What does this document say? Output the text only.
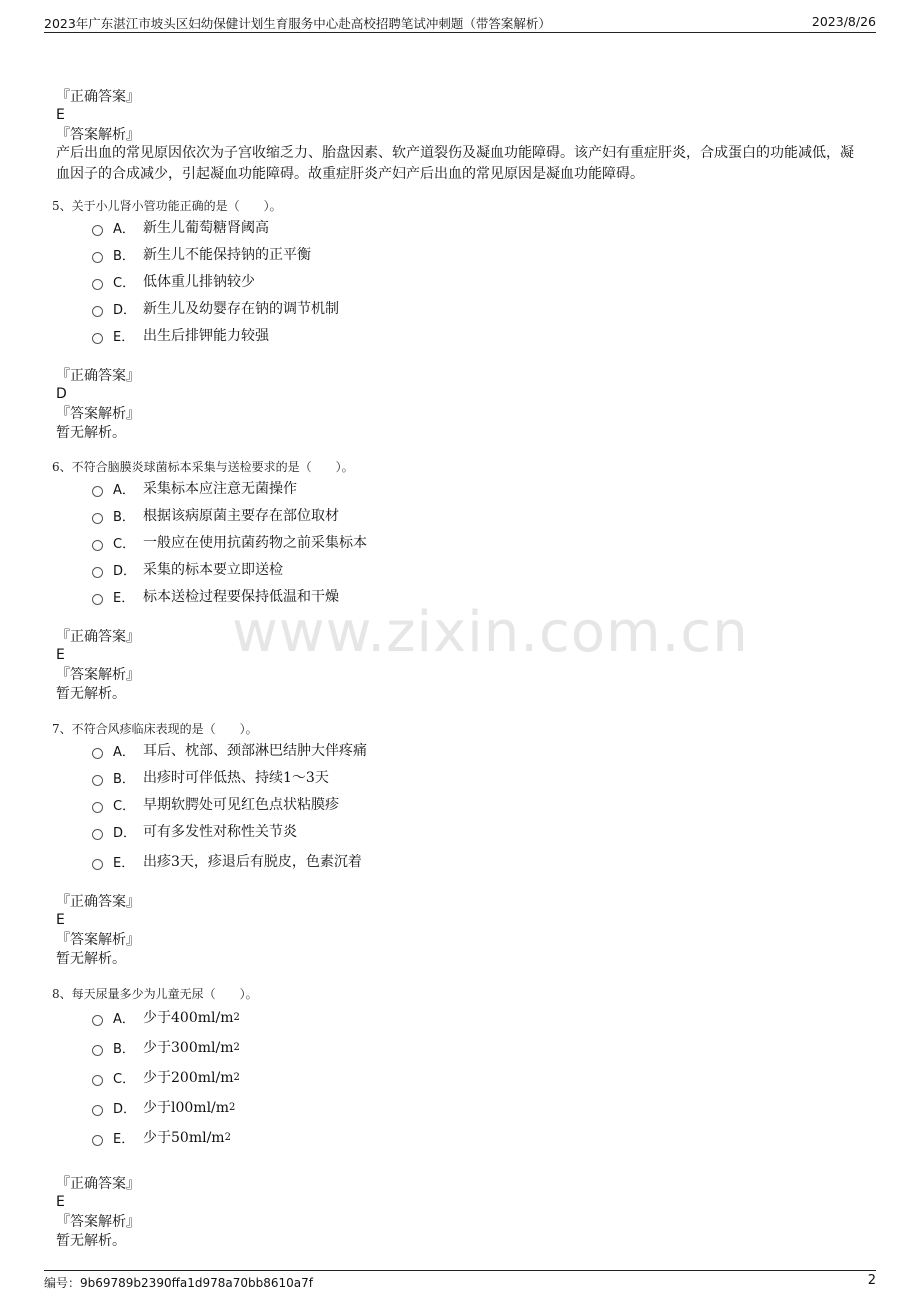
2023年广东湛江市坡头区妇幼保健计划生育服务中心赴高校招聘笔试冲刺题（带答案解析）	2023/8/26
www.zixin.com.cn
『正确答案』
E
『答案解析』
产后出血的常见原因依次为子宫收缩乏力、胎盘因素、软产道裂伤及凝血功能障碍。该产妇有重症肝炎，合成蛋白的功能减低，凝血因子的合成减少，引起凝血功能障碍。故重症肝炎产妇产后出血的常见原因是凝血功能障碍。
5、关于小儿肾小管功能正确的是（　　）。
A． 新生儿葡萄糖肾阈高
B． 新生儿不能保持钠的正平衡
C． 低体重儿排钠较少
D． 新生儿及幼婴存在钠的调节机制
E． 出生后排钾能力较强
『正确答案』
D
『答案解析』
暂无解析。
6、不符合脑膜炎球菌标本采集与送检要求的是（　　）。
A． 采集标本应注意无菌操作
B． 根据该病原菌主要存在部位取材
C． 一般应在使用抗菌药物之前采集标本
D． 采集的标本要立即送检
E． 标本送检过程要保持低温和干燥
『正确答案』
E
『答案解析』
暂无解析。
7、不符合风疹临床表现的是（　　）。
A． 耳后、枕部、颈部淋巴结肿大伴疼痛
B． 出疹时可伴低热、持续1～3天
C． 早期软腭处可见红色点状粘膜疹
D． 可有多发性对称性关节炎
E． 出疹3天，疹退后有脱皮，色素沉着
『正确答案』
E
『答案解析』
暂无解析。
8、每天尿量多少为儿童无尿（　　）。
A． 少于400ml/m 2
B． 少于300ml/m 2
C． 少于200ml/m 2
D． 少于l00ml/m 2
E． 少于50ml/m 2
『正确答案』
E
『答案解析』
暂无解析。
编号：9b69789b2390ffa1d978a70bb8610a7f	2
